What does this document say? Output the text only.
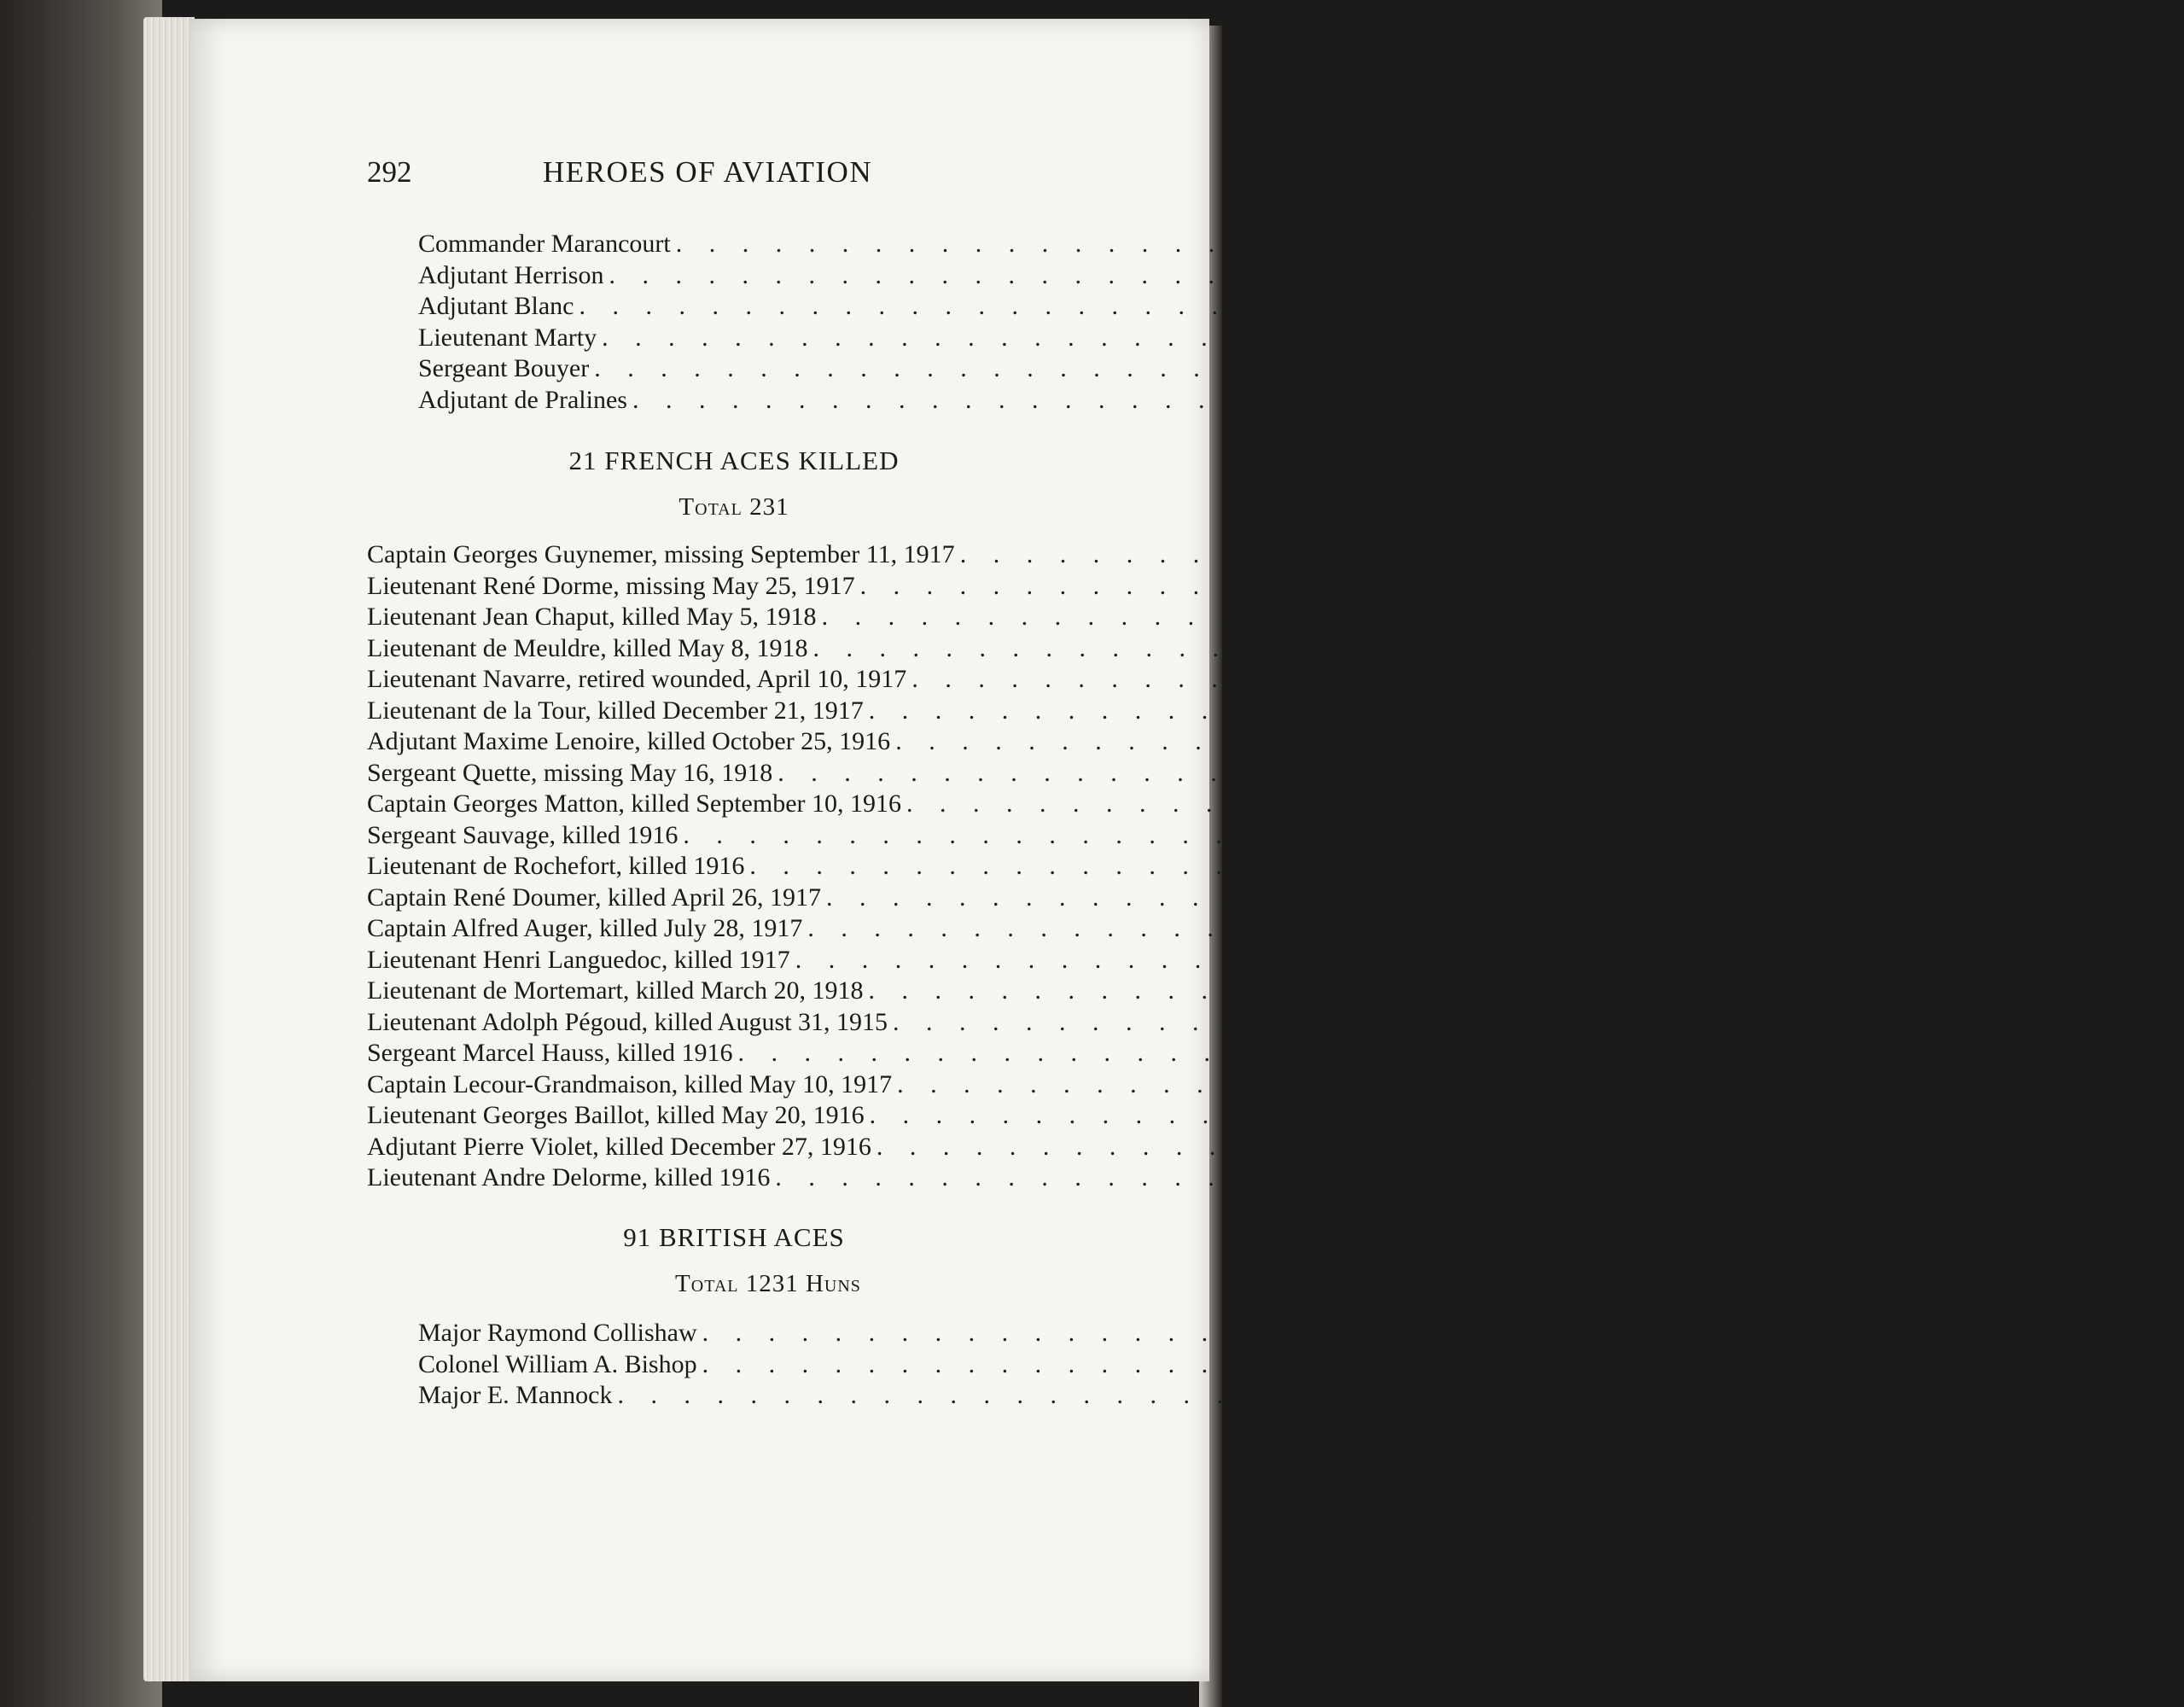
292	HEROES OF AVIATION
Commander Marancourt . . . . . . . . . . . . . . . . . . . . . . . . . . . . . . . . . . . . 5
Adjutant Herrison . . . . . . . . . . . . . . . . . . . . . . . . . . . . . . . . . . . . 5
Adjutant Blanc . . . . . . . . . . . . . . . . . . . . . . . . . . . . . . . . . . . . 5
Lieutenant Marty . . . . . . . . . . . . . . . . . . . . . . . . . . . . . . . . . . . . 5
Sergeant Bouyer . . . . . . . . . . . . . . . . . . . . . . . . . . . . . . . . . . . . 5
Adjutant de Pralines . . . . . . . . . . . . . . . . . . . . . . . . . . . . . . . . . . . . 5
21 FRENCH ACES KILLED
Total 231
Captain Georges Guynemer, missing September 11, 1917 . . . . . . . . . . . . . . . . . . . . . . . . . . . . . . . . . . . . 53
Lieutenant René Dorme, missing May 25, 1917 . . . . . . . . . . . . . . . . . . . . . . . . . . . . . . . . . . . . 23
Lieutenant Jean Chaput, killed May 5, 1918 . . . . . . . . . . . . . . . . . . . . . . . . . . . . . . . . . . . . 16
Lieutenant de Meuldre, killed May 8, 1918 . . . . . . . . . . . . . . . . . . . . . . . . . . . . . . . . . . . . 13
Lieutenant Navarre, retired wounded, April 10, 1917 . . . . . . . . . . . . . . . . . . . . . . . . . . . . . . . . . . . . 12
Lieutenant de la Tour, killed December 21, 1917 . . . . . . . . . . . . . . . . . . . . . . . . . . . . . . . . . . . . 11
Adjutant Maxime Lenoire, killed October 25, 1916 . . . . . . . . . . . . . . . . . . . . . . . . . . . . . . . . . . . . 11
Sergeant Quette, missing May 16, 1918 . . . . . . . . . . . . . . . . . . . . . . . . . . . . . . . . . . . . 10
Captain Georges Matton, killed September 10, 1916 . . . . . . . . . . . . . . . . . . . . . . . . . . . . . . . . . . . .	9
Sergeant Sauvage, killed 1916 . . . . . . . . . . . . . . . . . . . . . . . . . . . . . . . . . . . .	8
Lieutenant de Rochefort, killed 1916 . . . . . . . . . . . . . . . . . . . . . . . . . . . . . . . . . . . .	7
Captain René Doumer, killed April 26, 1917 . . . . . . . . . . . . . . . . . . . . . . . . . . . . . . . . . . . .	7
Captain Alfred Auger, killed July 28, 1917 . . . . . . . . . . . . . . . . . . . . . . . . . . . . . . . . . . . .	7
Lieutenant Henri Languedoc, killed 1917 . . . . . . . . . . . . . . . . . . . . . . . . . . . . . . . . . . . .	7
Lieutenant de Mortemart, killed March 20, 1918 . . . . . . . . . . . . . . . . . . . . . . . . . . . . . . . . . . . .	6
Lieutenant Adolph Pégoud, killed August 31, 1915 . . . . . . . . . . . . . . . . . . . . . . . . . . . . . . . . . . . .	6
Sergeant Marcel Hauss, killed 1916 . . . . . . . . . . . . . . . . . . . . . . . . . . . . . . . . . . . .	5
Captain Lecour-Grandmaison, killed May 10, 1917 . . . . . . . . . . . . . . . . . . . . . . . . . . . . . . . . . . . .	5
Lieutenant Georges Baillot, killed May 20, 1916 . . . . . . . . . . . . . . . . . . . . . . . . . . . . . . . . . . . .	5
Adjutant Pierre Violet, killed December 27, 1916 . . . . . . . . . . . . . . . . . . . . . . . . . . . . . . . . . . . .	5
Lieutenant Andre Delorme, killed 1916 . . . . . . . . . . . . . . . . . . . . . . . . . . . . . . . . . . . .	5
91 BRITISH ACES
Total 1231 Huns
Major Raymond Collishaw . . . . . . . . . . . . . . . . . . . . . . . . . . . . . . . . . . . . 77
Colonel William A. Bishop . . . . . . . . . . . . . . . . . . . . . . . . . . . . . . . . . . . . 72
Major E. Mannock . . . . . . . . . . . . . . . . . . . . . . . . . . . . . . . . . . . . 71
